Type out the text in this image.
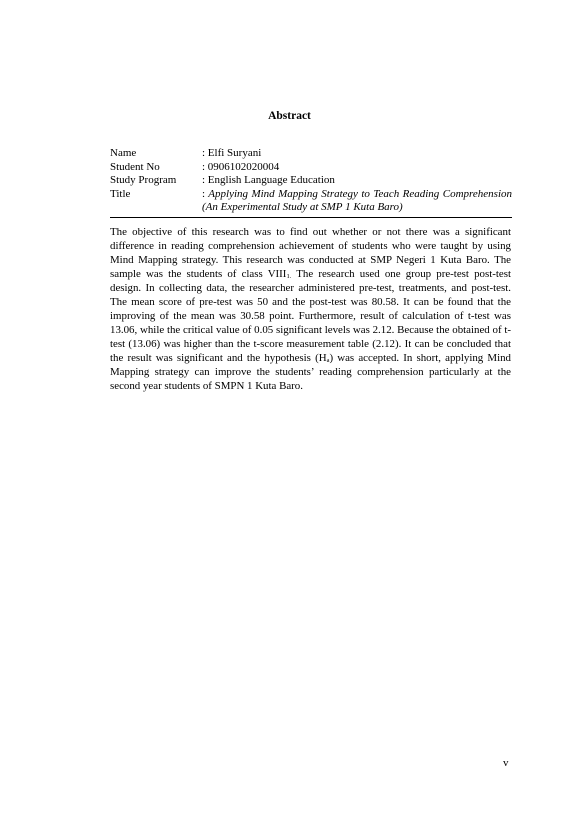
Abstract
Name	: Elfi Suryani
Student No	: 0906102020004
Study Program	: English Language Education
Title	: Applying Mind Mapping Strategy to Teach Reading Comprehension (An Experimental Study at SMP 1 Kuta Baro)

The objective of this research was to find out whether or not there was a significant difference in reading comprehension achievement of students who were taught by using Mind Mapping strategy. This research was conducted at SMP Negeri 1 Kuta Baro. The sample was the students of class $VIII_{1.}$ The research used one group pre-test post-test design. In collecting data, the researcher administered pre-test, treatments, and post-test. The mean score of pre-test was 50 and the post-test was 80.58. It can be found that the improving of the mean was 30.58 point. Furthermore, result of calculation of t-test was 13.06, while the critical value of 0.05 significant levels was 2.12. Because the obtained of t-test (13.06) was higher than the t-score measurement table (2.12). It can be concluded that the result was significant and the hypothesis $(H_a)$ was accepted. In short, applying Mind Mapping strategy can improve the students’ reading comprehension particularly at the second year students of SMPN 1 Kuta Baro.

v
